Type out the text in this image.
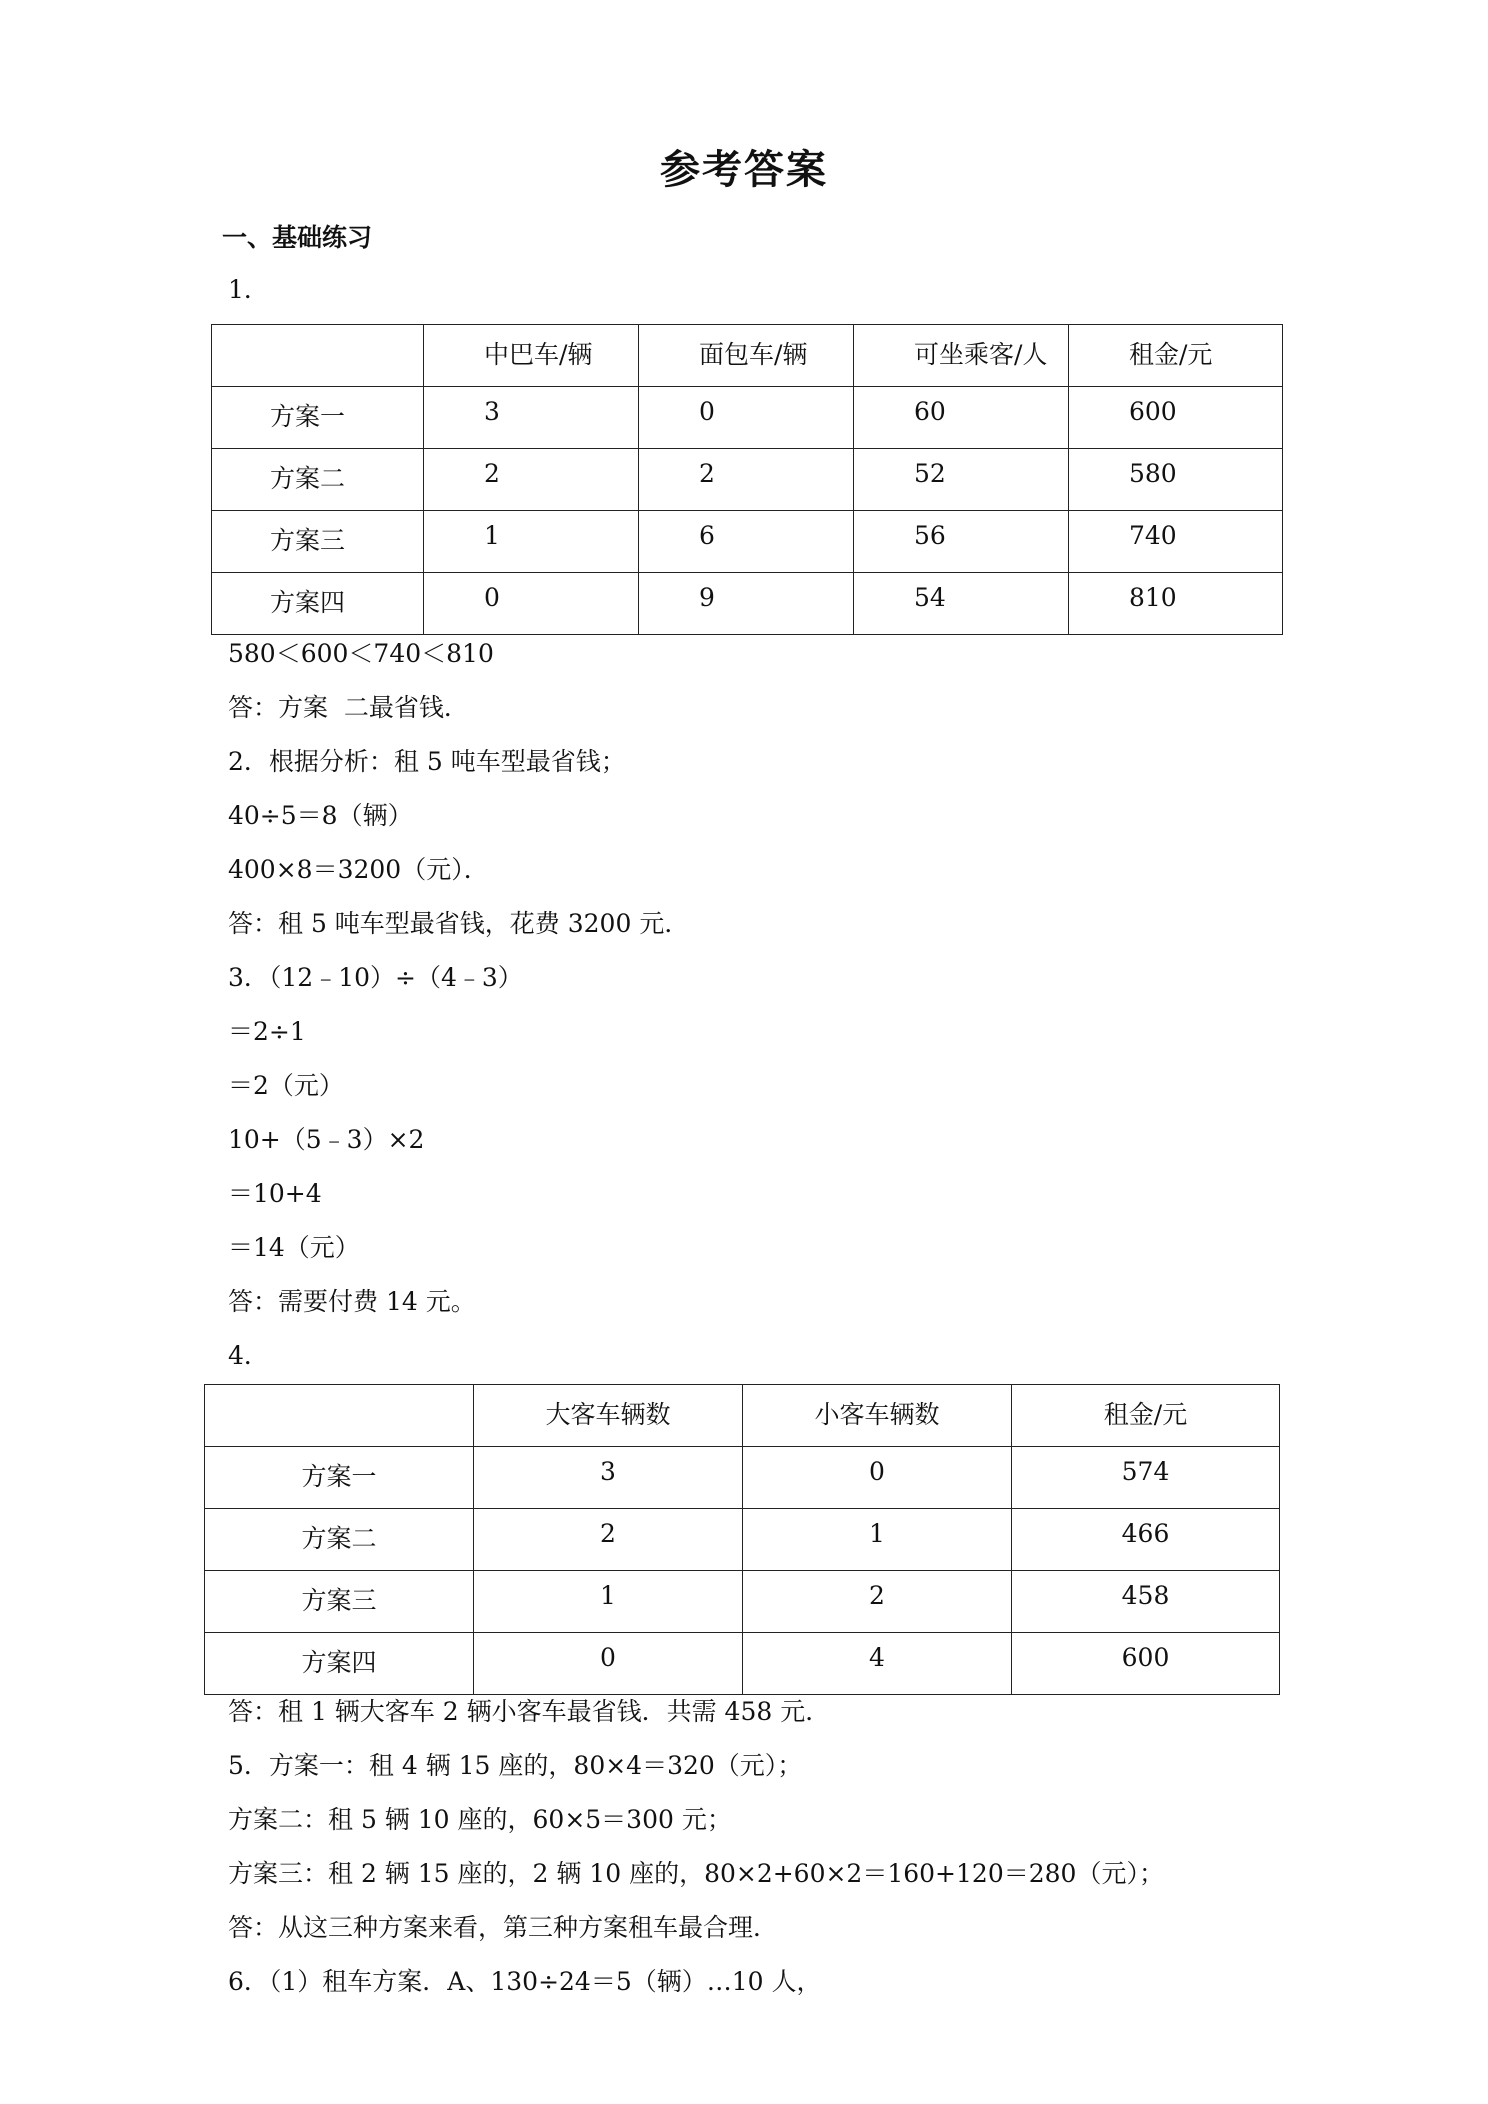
参考答案

一、基础练习

1．

	中巴车/辆	面包车/辆	可坐乘客/人	租金/元

方案一	3	0	60	600

方案二	2	2	52	580

方案三	1	6	56	740

方案四	0	9	54	810

580＜600＜740＜810

答：方案  二最省钱．

2．根据分析：租 5 吨车型最省钱；

40÷5＝8（辆）

400×8＝3200（元）．

答：租 5 吨车型最省钱，花费 3200 元．

3．（12﹣10）÷（4﹣3）

＝2÷1

＝2（元）

10+（5﹣3）×2

＝10+4

＝14（元）

答：需要付费 14 元。

4．

	大客车辆数	小客车辆数	租金/元

方案一	3	0	574

方案二	2	1	466

方案三	1	2	458

方案四	0	4	600

答：租 1 辆大客车 2 辆小客车最省钱．共需 458 元．

5．方案一：租 4 辆 15 座的，80×4＝320（元）；

方案二：租 5 辆 10 座的，60×5＝300 元；

方案三：租 2 辆 15 座的，2 辆 10 座的，80×2+60×2＝160+120＝280（元）；

答：从这三种方案来看，第三种方案租车最合理．

6．（1）租车方案．A、130÷24＝5（辆）…10 人，
